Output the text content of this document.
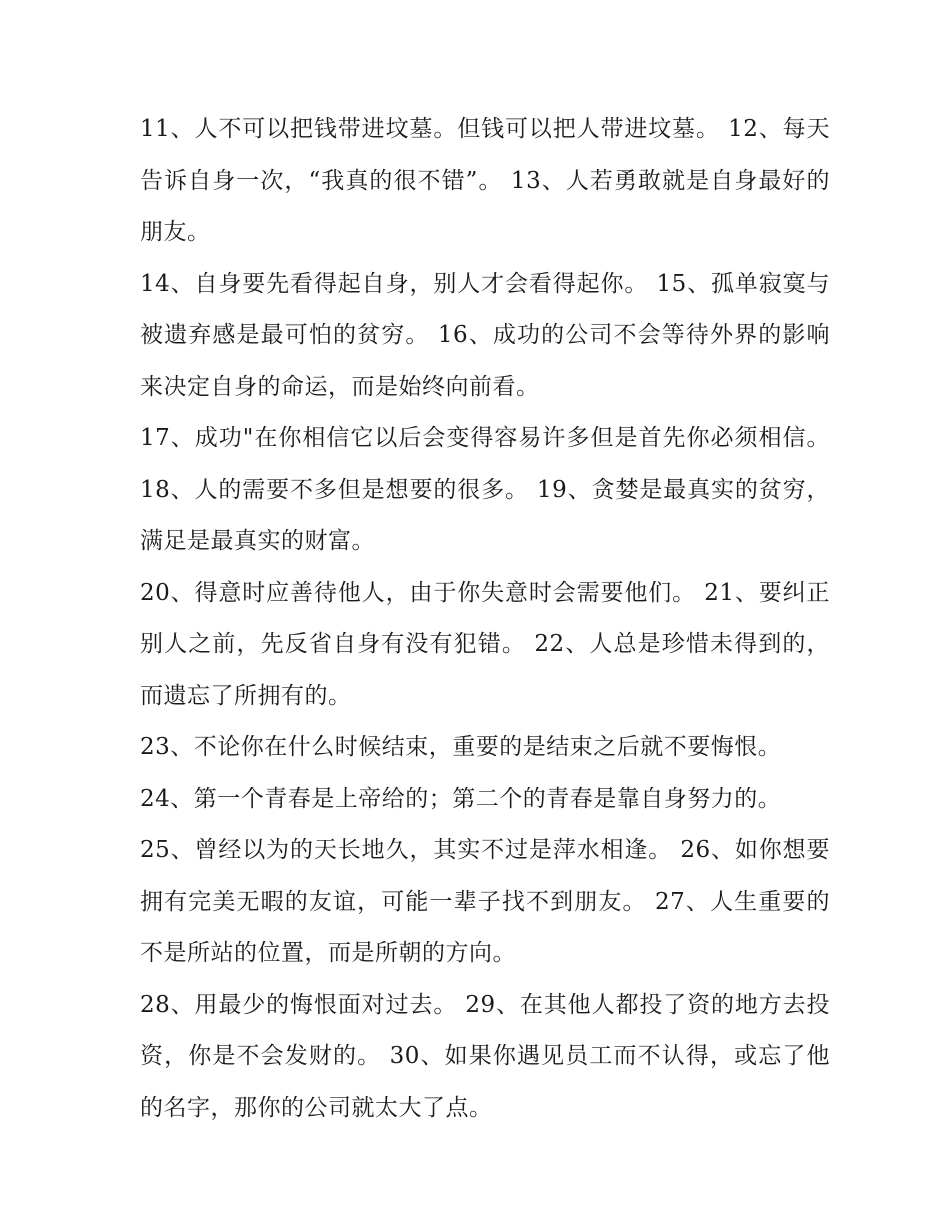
11、人不可以把钱带进坟墓。但钱可以把人带进坟墓。 12、每天告诉自身一次，“我真的很不错”。 13、人若勇敢就是自身最好的朋友。

14、自身要先看得起自身，别人才会看得起你。 15、孤单寂寞与被遗弃感是最可怕的贫穷。 16、成功的公司不会等待外界的影响来决定自身的命运，而是始终向前看。

17、成功"在你相信它以后会变得容易许多但是首先你必须相信。 18、人的需要不多但是想要的很多。 19、贪婪是最真实的贫穷，满足是最真实的财富。

20、得意时应善待他人，由于你失意时会需要他们。 21、要纠正别人之前，先反省自身有没有犯错。 22、人总是珍惜未得到的，而遗忘了所拥有的。

23、不论你在什么时候结束，重要的是结束之后就不要悔恨。

24、第一个青春是上帝给的；第二个的青春是靠自身努力的。

25、曾经以为的天长地久，其实不过是萍水相逢。 26、如你想要拥有完美无暇的友谊，可能一辈子找不到朋友。 27、人生重要的不是所站的位置，而是所朝的方向。

28、用最少的悔恨面对过去。 29、在其他人都投了资的地方去投资，你是不会发财的。 30、如果你遇见员工而不认得，或忘了他的名字，那你的公司就太大了点。
